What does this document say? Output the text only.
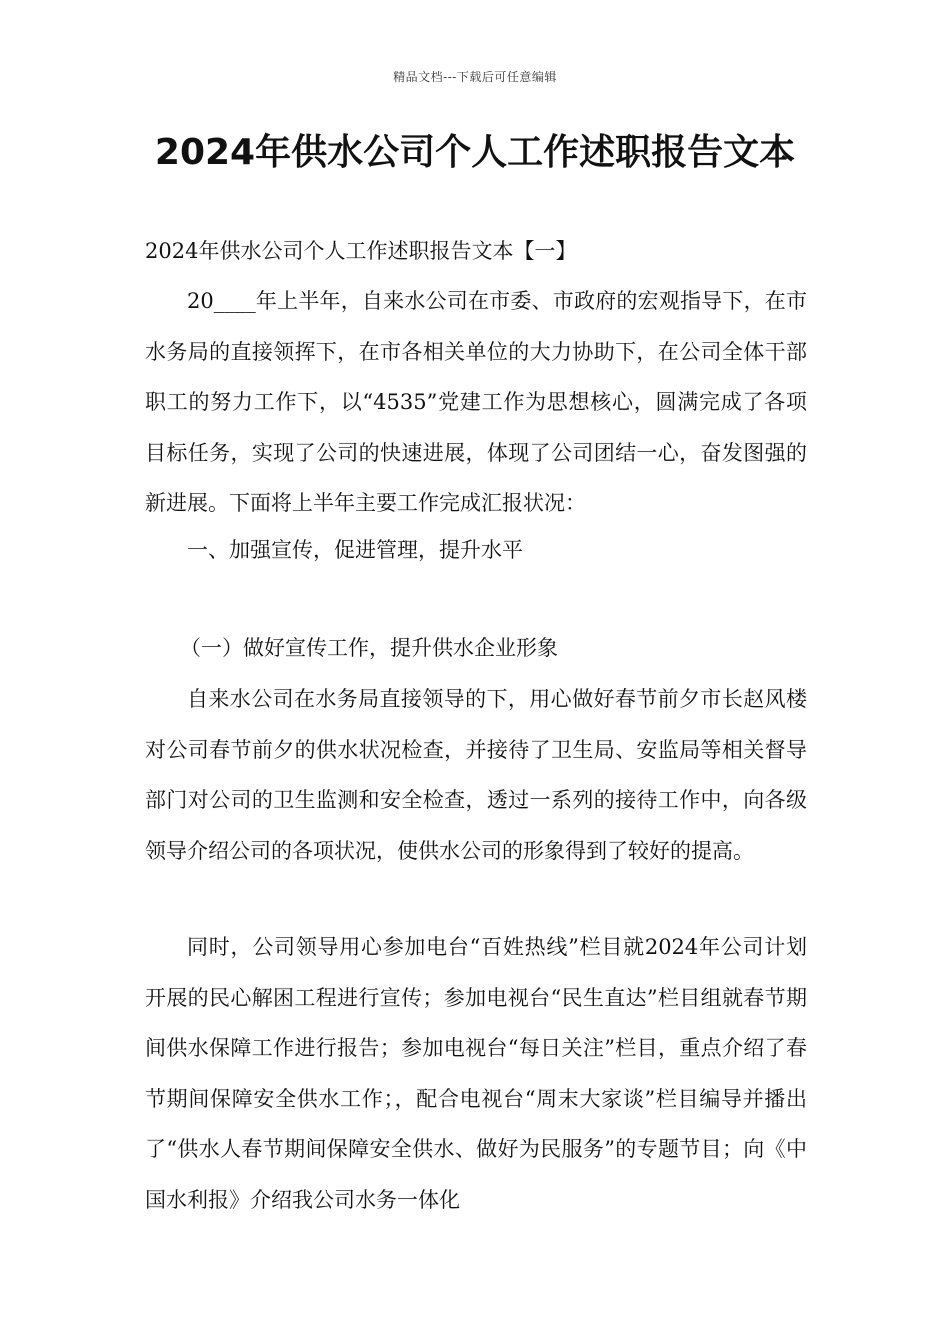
精品文档---下载后可任意编辑
2024年供水公司个人工作述职报告文本
2024年供水公司个人工作述职报告文本【一】

20____年上半年，自来水公司在市委、市政府的宏观指导下，在市水务局的直接领挥下，在市各相关单位的大力协助下，在公司全体干部职工的努力工作下，以“4535”党建工作为思想核心，圆满完成了各项目标任务，实现了公司的快速进展，体现了公司团结一心，奋发图强的新进展。下面将上半年主要工作完成汇报状况：

一、加强宣传，促进管理，提升水平
（一）做好宣传工作，提升供水企业形象

自来水公司在水务局直接领导的下，用心做好春节前夕市长赵风楼对公司春节前夕的供水状况检查，并接待了卫生局、安监局等相关督导部门对公司的卫生监测和安全检查，透过一系列的接待工作中，向各级领导介绍公司的各项状况，使供水公司的形象得到了较好的提高。

同时，公司领导用心参加电台“百姓热线”栏目就2024年公司计划开展的民心解困工程进行宣传；参加电视台“民生直达”栏目组就春节期间供水保障工作进行报告；参加电视台“每日关注”栏目，重点介绍了春节期间保障安全供水工作；，配合电视台“周末大家谈”栏目编导并播出了“供水人春节期间保障安全供水、做好为民服务”的专题节目；向《中国水利报》介绍我公司水务一体化
